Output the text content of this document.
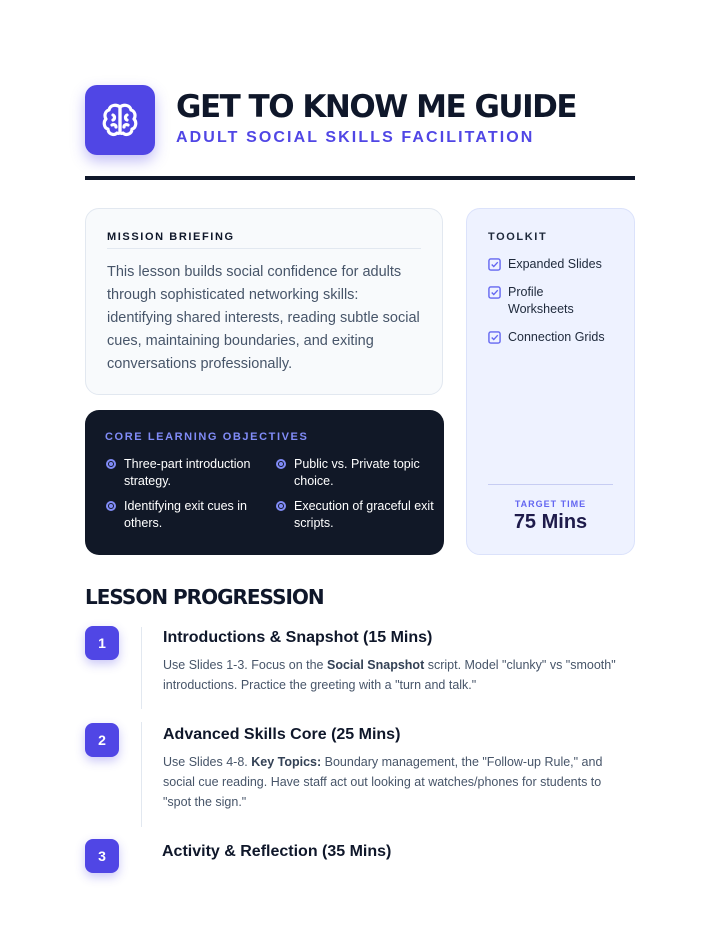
GET TO KNOW ME GUIDE
ADULT SOCIAL SKILLS FACILITATION
MISSION BRIEFING
This lesson builds social confidence for adults through sophisticated networking skills: identifying shared interests, reading subtle social cues, maintaining boundaries, and exiting conversations professionally.
CORE LEARNING OBJECTIVES
Three-part introduction strategy.
Public vs. Private topic choice.
Identifying exit cues in others.
Execution of graceful exit scripts.
TOOLKIT
Expanded Slides
Profile Worksheets
Connection Grids
TARGET TIME
75 Mins
LESSON PROGRESSION
1	Introductions & Snapshot (15 Mins)
Use Slides 1-3. Focus on the Social Snapshot script. Model "clunky" vs "smooth" introductions. Practice the greeting with a "turn and talk."
2	Advanced Skills Core (25 Mins)
Use Slides 4-8. Key Topics: Boundary management, the "Follow-up Rule," and social cue reading. Have staff act out looking at watches/phones for students to "spot the sign."
3	Activity & Reflection (35 Mins)
